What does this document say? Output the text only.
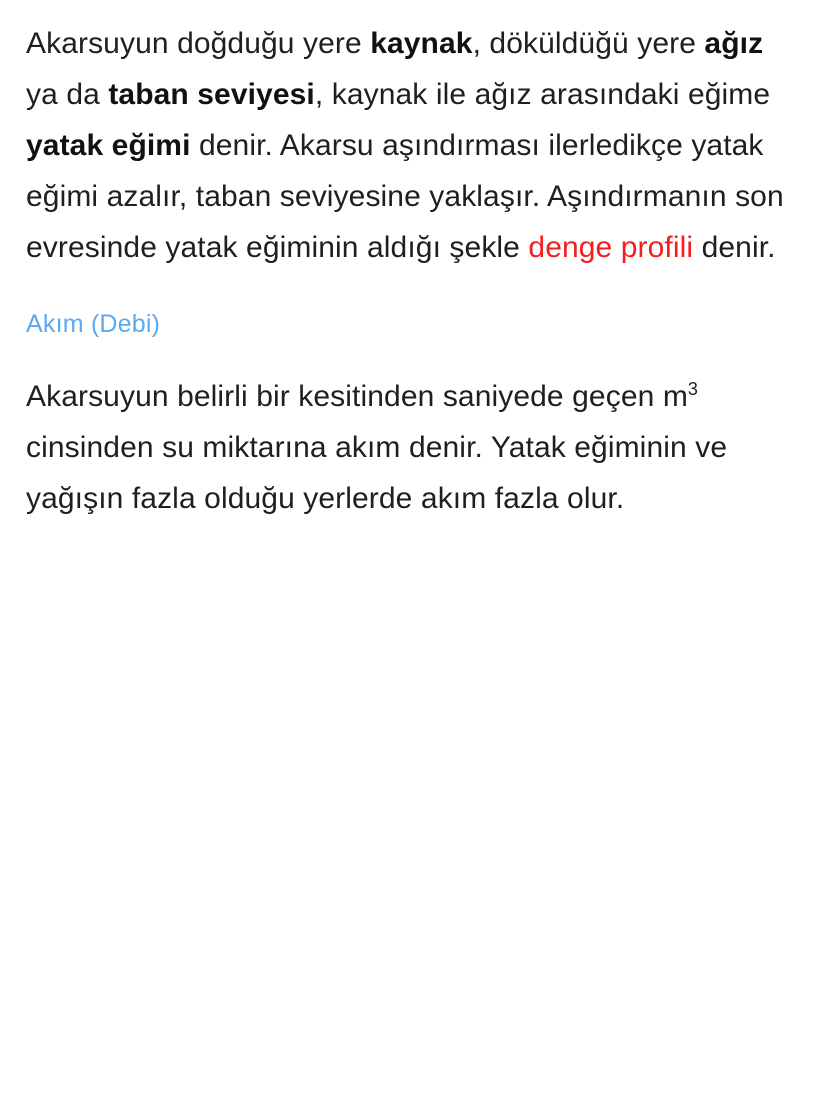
Akarsuyun doğduğu yere kaynak, döküldüğü yere ağız ya da taban seviyesi, kaynak ile ağız arasındaki eğime yatak eğimi denir. Akarsu aşındırması ilerledikçe yatak eğimi azalır, taban seviyesine yaklaşır. Aşındırmanın son evresinde yatak eğiminin aldığı şekle denge profili denir.

Akım (Debi)

Akarsuyun belirli bir kesitinden saniyede geçen $m^3$ cinsinden su miktarına akım denir. Yatak eğiminin ve yağışın fazla olduğu yerlerde akım fazla olur.
